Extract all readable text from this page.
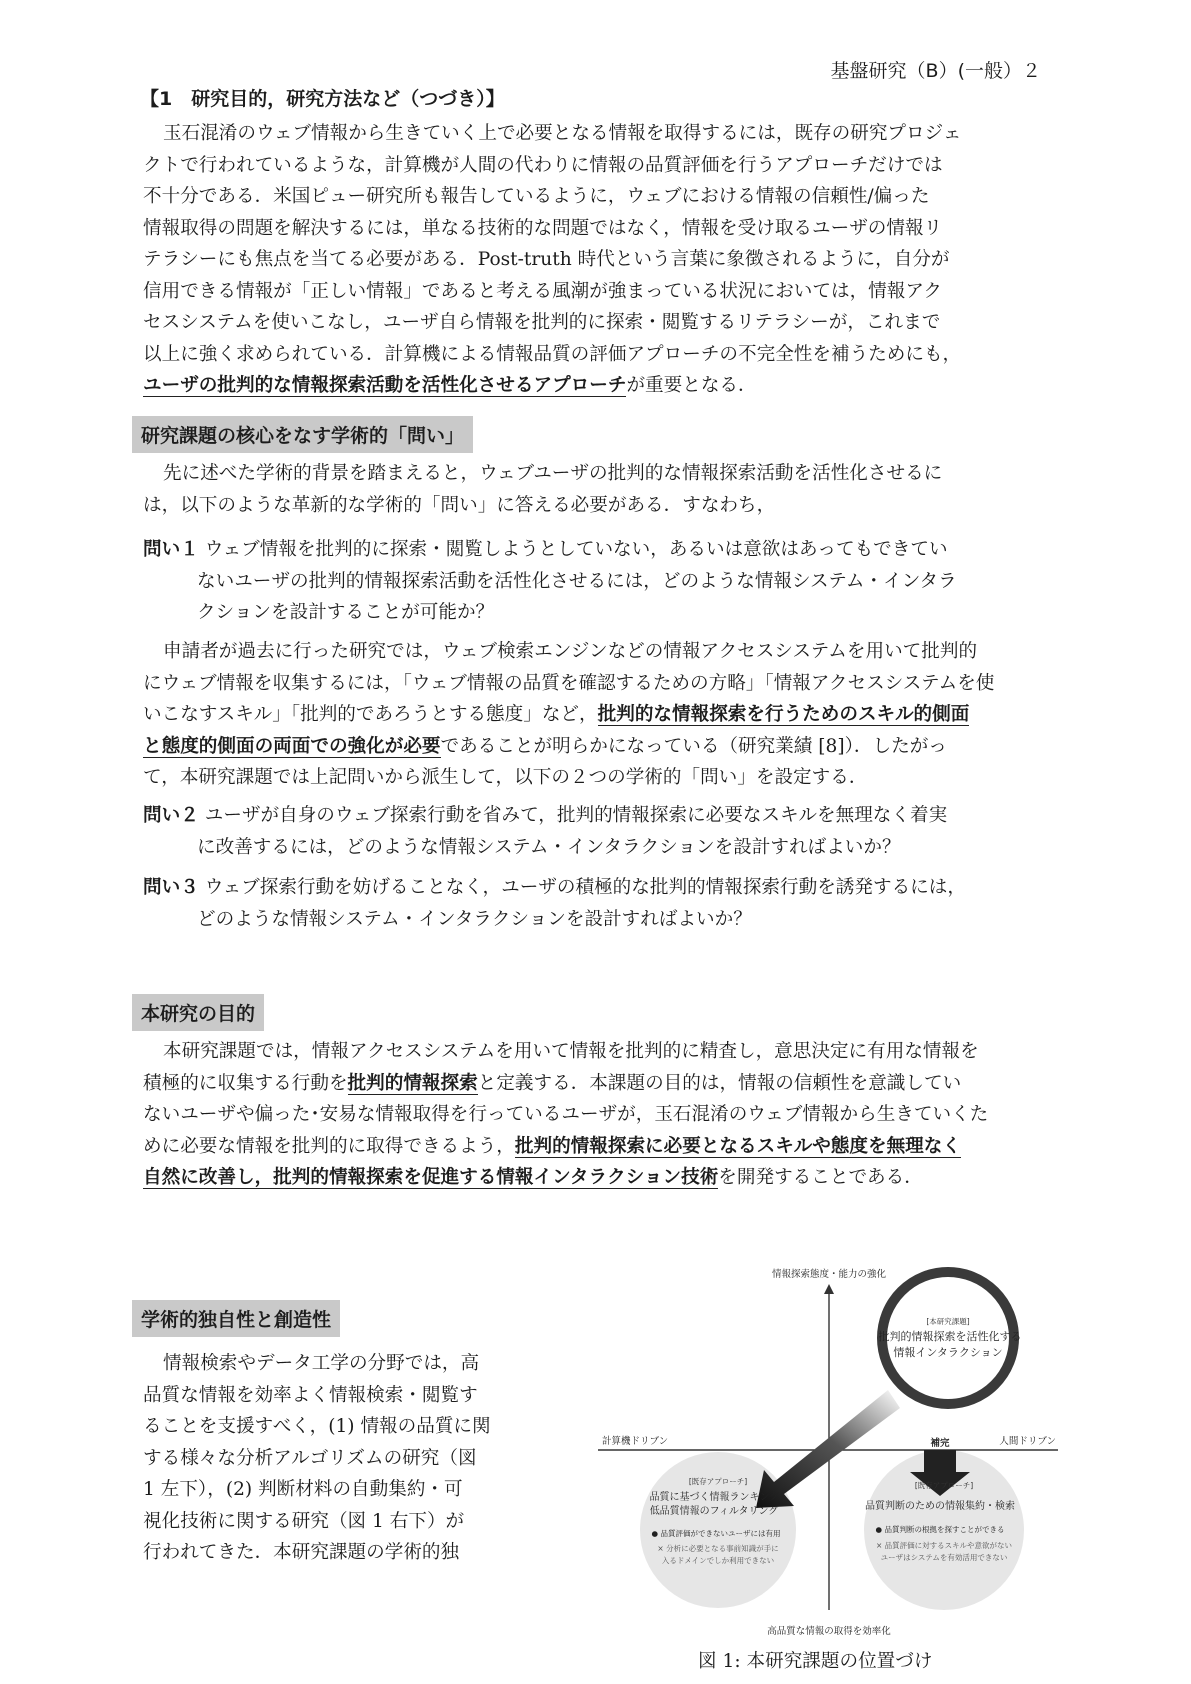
基盤研究（B）(一般）２
【1　研究目的，研究方法など（つづき）】
玉石混淆のウェブ情報から生きていく上で必要となる情報を取得するには，既存の研究プロジェ
クトで行われているような，計算機が人間の代わりに情報の品質評価を行うアプローチだけでは
不十分である．米国ピュー研究所も報告しているように，ウェブにおける情報の信頼性/偏った
情報取得の問題を解決するには，単なる技術的な問題ではなく，情報を受け取るユーザの情報リ
テラシーにも焦点を当てる必要がある．Post-truth 時代という言葉に象徴されるように，自分が
信用できる情報が「正しい情報」であると考える風潮が強まっている状況においては，情報アク
セスシステムを使いこなし，ユーザ自ら情報を批判的に探索・閲覧するリテラシーが，これまで
以上に強く求められている．計算機による情報品質の評価アプローチの不完全性を補うためにも，
ユーザの批判的な情報探索活動を活性化させるアプローチが重要となる．
研究課題の核心をなす学術的「問い」
先に述べた学術的背景を踏まえると，ウェブユーザの批判的な情報探索活動を活性化させるに
は，以下のような革新的な学術的「問い」に答える必要がある．すなわち，
問い１ ウェブ情報を批判的に探索・閲覧しようとしていない，あるいは意欲はあってもできてい
ないユーザの批判的情報探索活動を活性化させるには，どのような情報システム・インタラ
クションを設計することが可能か？
申請者が過去に行った研究では，ウェブ検索エンジンなどの情報アクセスシステムを用いて批判的
にウェブ情報を収集するには，「ウェブ情報の品質を確認するための方略」「情報アクセスシステムを使
いこなすスキル」「批判的であろうとする態度」など，批判的な情報探索を行うためのスキル的側面
と態度的側面の両面での強化が必要であることが明らかになっている（研究業績 [8]）．したがっ
て，本研究課題では上記問いから派生して，以下の２つの学術的「問い」を設定する．
問い２ ユーザが自身のウェブ探索行動を省みて，批判的情報探索に必要なスキルを無理なく着実
に改善するには，どのような情報システム・インタラクションを設計すればよいか？
問い３ ウェブ探索行動を妨げることなく，ユーザの積極的な批判的情報探索行動を誘発するには，
どのような情報システム・インタラクションを設計すればよいか？
本研究の目的
本研究課題では，情報アクセスシステムを用いて情報を批判的に精査し，意思決定に有用な情報を
積極的に収集する行動を批判的情報探索と定義する．本課題の目的は，情報の信頼性を意識してい
ないユーザや偏った･安易な情報取得を行っているユーザが，玉石混淆のウェブ情報から生きていくた
めに必要な情報を批判的に取得できるよう，批判的情報探索に必要となるスキルや態度を無理なく
自然に改善し，批判的情報探索を促進する情報インタラクション技術を開発することである．
学術的独自性と創造性
情報検索やデータ工学の分野では，高
品質な情報を効率よく情報検索・閲覧す
ることを支援すべく，(1) 情報の品質に関
する様々な分析アルゴリズムの研究（図
1 左下），(2) 判断材料の自動集約・可
視化技術に関する研究（図 1 右下）が
行われてきた．本研究課題の学術的独
情報探索態度・能力の強化
高品質な情報の取得を効率化
計算機ドリブン	人間ドリブン
[本研究課題]
批判的情報探索を活性化する
情報インタラクション
補完
補完
[既存アプローチ]
品質に基づく情報ランキング/
低品質情報のフィルタリング
● 品質評価ができないユーザには有用
× 分析に必要となる事前知識が手に
入るドメインでしか利用できない
[既存アプローチ]
品質判断のための情報集約・検索
● 品質判断の根拠を探すことができる
× 品質評価に対するスキルや意欲がない
ユーザはシステムを有効活用できない
図 1: 本研究課題の位置づけ
